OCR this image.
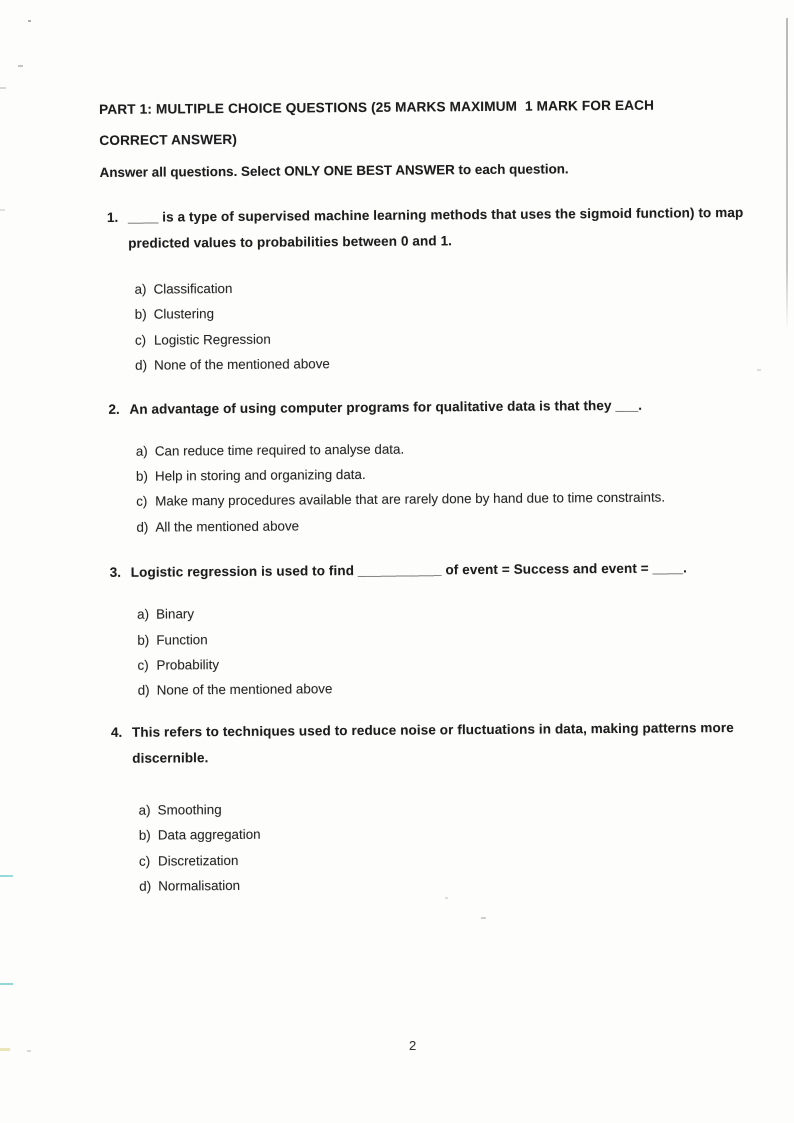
PART 1: MULTIPLE CHOICE QUESTIONS (25 MARKS MAXIMUM  1 MARK FOR EACH
CORRECT ANSWER)
Answer all questions. Select ONLY ONE BEST ANSWER to each question.
1. ____ is a type of supervised machine learning methods that uses the sigmoid function) to map predicted values to probabilities between 0 and 1.
a) Classification
b) Clustering
c) Logistic Regression
d) None of the mentioned above
2. An advantage of using computer programs for qualitative data is that they ___.
a) Can reduce time required to analyse data.
b) Help in storing and organizing data.
c) Make many procedures available that are rarely done by hand due to time constraints.
d) All the mentioned above
3. Logistic regression is used to find ___________ of event = Success and event = ____.
a) Binary
b) Function
c) Probability
d) None of the mentioned above
4. This refers to techniques used to reduce noise or fluctuations in data, making patterns more discernible.
a) Smoothing
b) Data aggregation
c) Discretization
d) Normalisation
2
